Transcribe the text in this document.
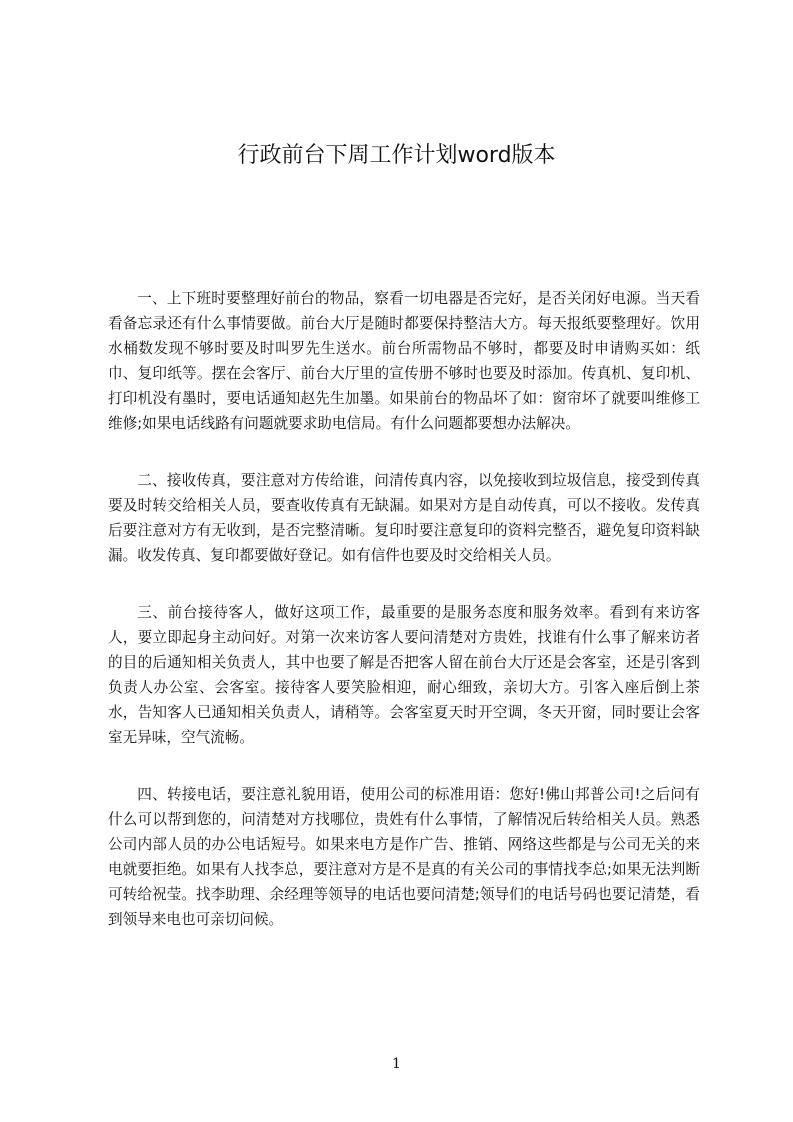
行政前台下周工作计划word版本

一、上下班时要整理好前台的物品，察看一切电器是否完好，是否关闭好电源。当天看看备忘录还有什么事情要做。前台大厅是随时都要保持整洁大方。每天报纸要整理好。饮用水桶数发现不够时要及时叫罗先生送水。前台所需物品不够时，都要及时申请购买如：纸巾、复印纸等。摆在会客厅、前台大厅里的宣传册不够时也要及时添加。传真机、复印机、打印机没有墨时，要电话通知赵先生加墨。如果前台的物品坏了如：窗帘坏了就要叫维修工维修;如果电话线路有问题就要求助电信局。有什么问题都要想办法解决。

二、接收传真，要注意对方传给谁，问清传真内容，以免接收到垃圾信息，接受到传真要及时转交给相关人员，要查收传真有无缺漏。如果对方是自动传真，可以不接收。发传真后要注意对方有无收到，是否完整清晰。复印时要注意复印的资料完整否，避免复印资料缺漏。收发传真、复印都要做好登记。如有信件也要及时交给相关人员。

三、前台接待客人，做好这项工作，最重要的是服务态度和服务效率。看到有来访客人，要立即起身主动问好。对第一次来访客人要问清楚对方贵姓，找谁有什么事了解来访者的目的后通知相关负责人，其中也要了解是否把客人留在前台大厅还是会客室，还是引客到负责人办公室、会客室。接待客人要笑脸相迎，耐心细致，亲切大方。引客入座后倒上茶水，告知客人已通知相关负责人，请稍等。会客室夏天时开空调，冬天开窗，同时要让会客室无异味，空气流畅。

四、转接电话，要注意礼貌用语，使用公司的标准用语：您好!佛山邦普公司!之后问有什么可以帮到您的，问清楚对方找哪位，贵姓有什么事情，了解情况后转给相关人员。熟悉公司内部人员的办公电话短号。如果来电方是作广告、推销、网络这些都是与公司无关的来电就要拒绝。如果有人找李总，要注意对方是不是真的有关公司的事情找李总;如果无法判断可转给祝莹。找李助理、余经理等领导的电话也要问清楚;领导们的电话号码也要记清楚，看到领导来电也可亲切问候。

1
